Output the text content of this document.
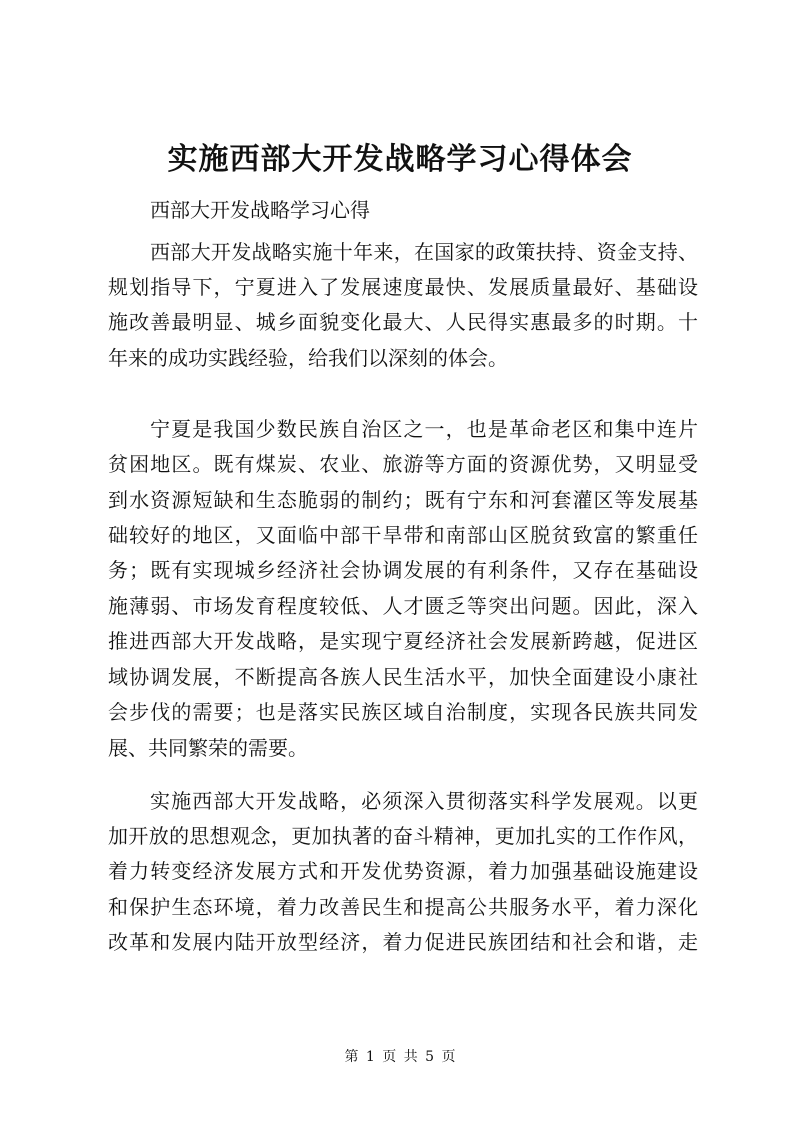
实施西部大开发战略学习心得体会
西部大开发战略学习心得
西部大开发战略实施十年来，在国家的政策扶持、资金支持、
规划指导下，宁夏进入了发展速度最快、发展质量最好、基础设
施改善最明显、城乡面貌变化最大、人民得实惠最多的时期。十
年来的成功实践经验，给我们以深刻的体会。
宁夏是我国少数民族自治区之一，也是革命老区和集中连片
贫困地区。既有煤炭、农业、旅游等方面的资源优势，又明显受
到水资源短缺和生态脆弱的制约；既有宁东和河套灌区等发展基
础较好的地区，又面临中部干旱带和南部山区脱贫致富的繁重任
务；既有实现城乡经济社会协调发展的有利条件，又存在基础设
施薄弱、市场发育程度较低、人才匮乏等突出问题。因此，深入
推进西部大开发战略，是实现宁夏经济社会发展新跨越，促进区
域协调发展，不断提高各族人民生活水平，加快全面建设小康社
会步伐的需要；也是落实民族区域自治制度，实现各民族共同发
展、共同繁荣的需要。
实施西部大开发战略，必须深入贯彻落实科学发展观。以更
加开放的思想观念，更加执著的奋斗精神，更加扎实的工作作风，
着力转变经济发展方式和开发优势资源，着力加强基础设施建设
和保护生态环境，着力改善民生和提高公共服务水平，着力深化
改革和发展内陆开放型经济，着力促进民族团结和社会和谐，走
第 1 页 共 5 页
